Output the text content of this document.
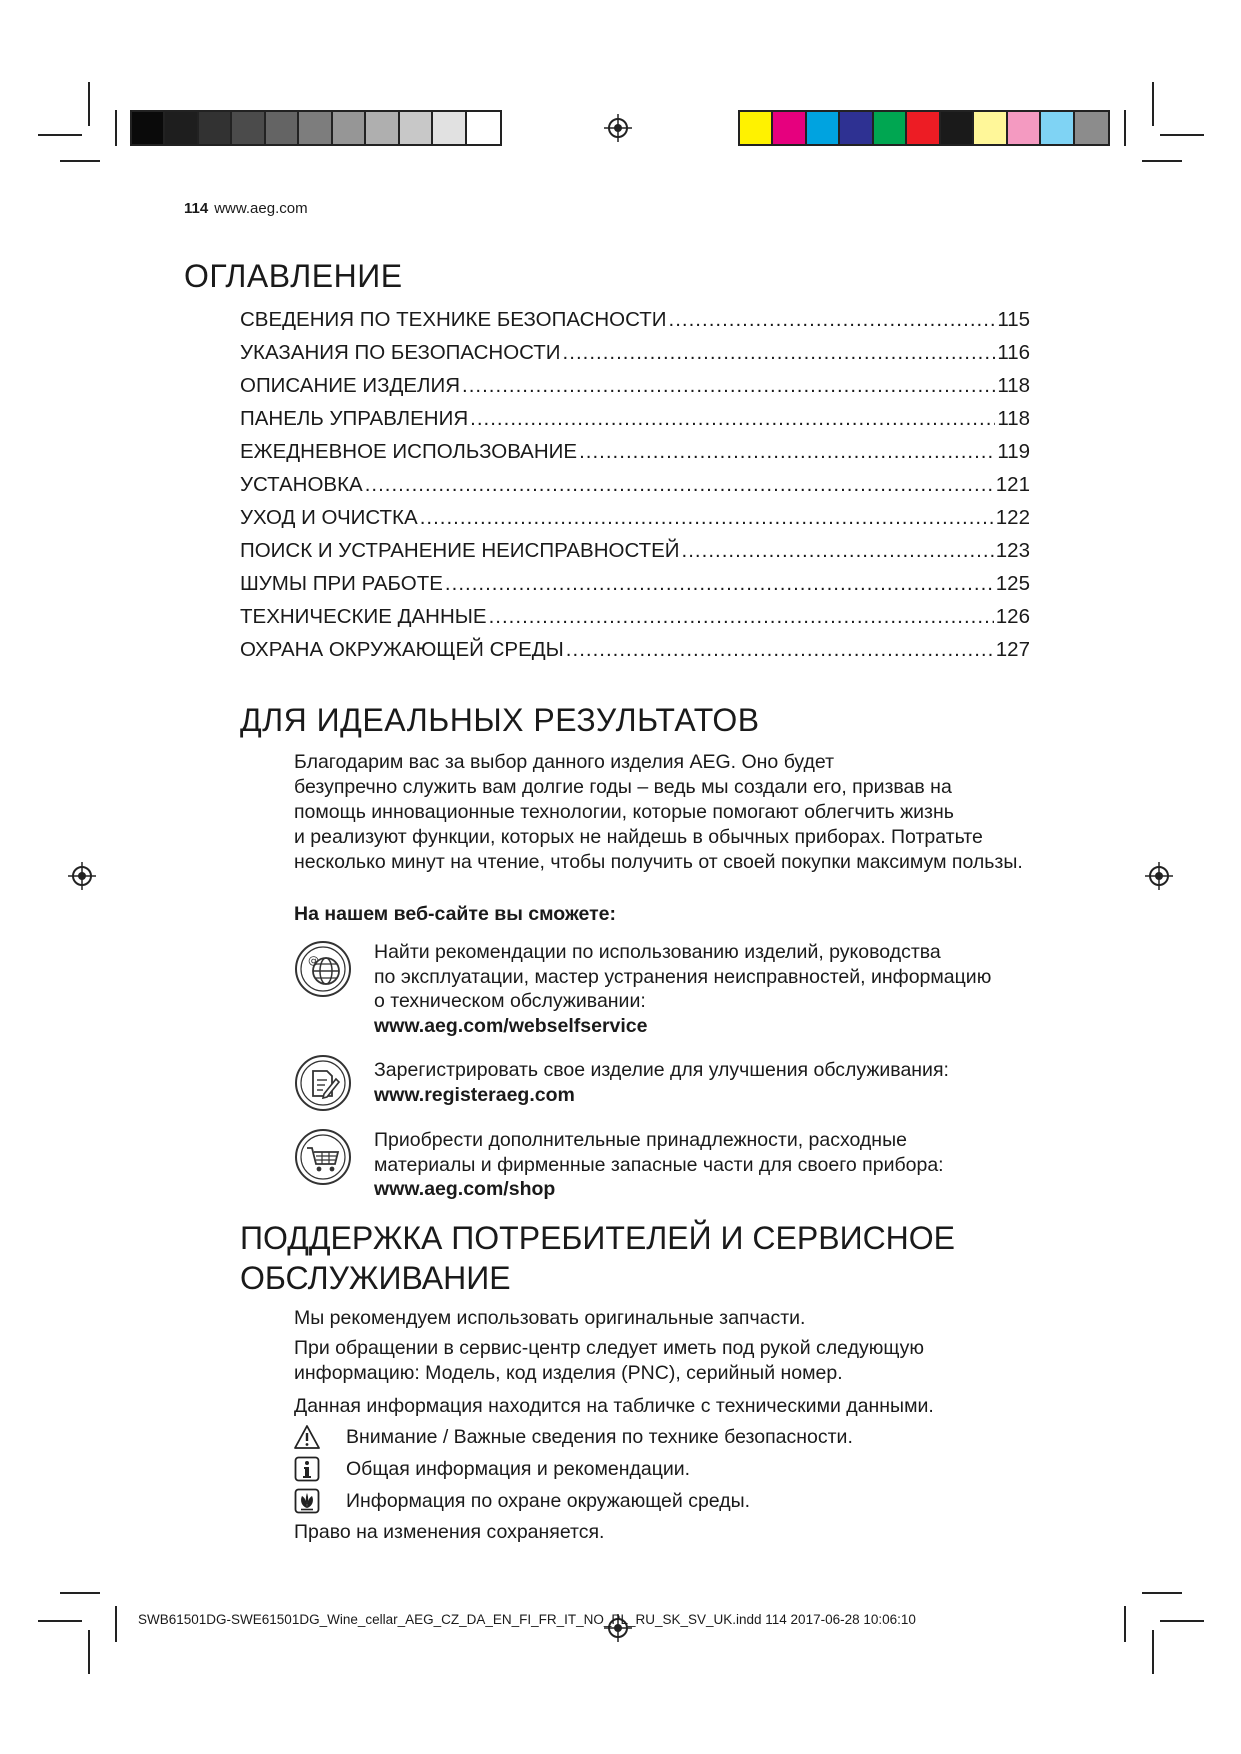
114 www.aeg.com
ОГЛАВЛЕНИЕ
СВЕДЕНИЯ ПО ТЕХНИКЕ БЕЗОПАСНОСТИ .....	115
УКАЗАНИЯ ПО БЕЗОПАСНОСТИ .....	116
ОПИСАНИЕ ИЗДЕЛИЯ .....	118
ПАНЕЛЬ УПРАВЛЕНИЯ .....	118
ЕЖЕДНЕВНОЕ ИСПОЛЬЗОВАНИЕ .....	119
УСТАНОВКА .....	121
УХОД И ОЧИСТКА .....	122
ПОИСК И УСТРАНЕНИЕ НЕИСПРАВНОСТЕЙ .....	123
ШУМЫ ПРИ РАБОТЕ .....	125
ТЕХНИЧЕСКИЕ ДАННЫЕ .....	126
ОХРАНА ОКРУЖАЮЩЕЙ СРЕДЫ .....	127
ДЛЯ ИДЕАЛЬНЫХ РЕЗУЛЬТАТОВ
Благодарим вас за выбор данного изделия AEG. Оно будет
безупречно служить вам долгие годы – ведь мы создали его, призвав на
помощь инновационные технологии, которые помогают облегчить жизнь
и реализуют функции, которых не найдешь в обычных приборах. Потратьте
несколько минут на чтение, чтобы получить от своей покупки максимум пользы.
На нашем веб-сайте вы сможете:
@	Найти рекомендации по использованию изделий, руководства
по эксплуатации, мастер устранения неисправностей, информацию
о техническом обслуживании:
www.aeg.com/webselfservice
Зарегистрировать свое изделие для улучшения обслуживания:
www.registeraeg.com
Приобрести дополнительные принадлежности, расходные
материалы и фирменные запасные части для своего прибора:
www.aeg.com/shop
ПОДДЕРЖКА ПОТРЕБИТЕЛЕЙ И СЕРВИСНОЕ
ОБСЛУЖИВАНИЕ
Мы рекомендуем использовать оригинальные запчасти.
При обращении в сервис-центр следует иметь под рукой следующую
информацию: Модель, код изделия (PNC), серийный номер.
Данная информация находится на табличке с техническими данными.
Внимание / Важные сведения по технике безопасности.
Общая информация и рекомендации.
Информация по охране окружающей среды.
Право на изменения сохраняется.
SWB61501DG-SWE61501DG_Wine_cellar_AEG_CZ_DA_EN_FI_FR_IT_NO_PL_RU_SK_SV_UK.indd 114 2017-06-28 10:06:10
